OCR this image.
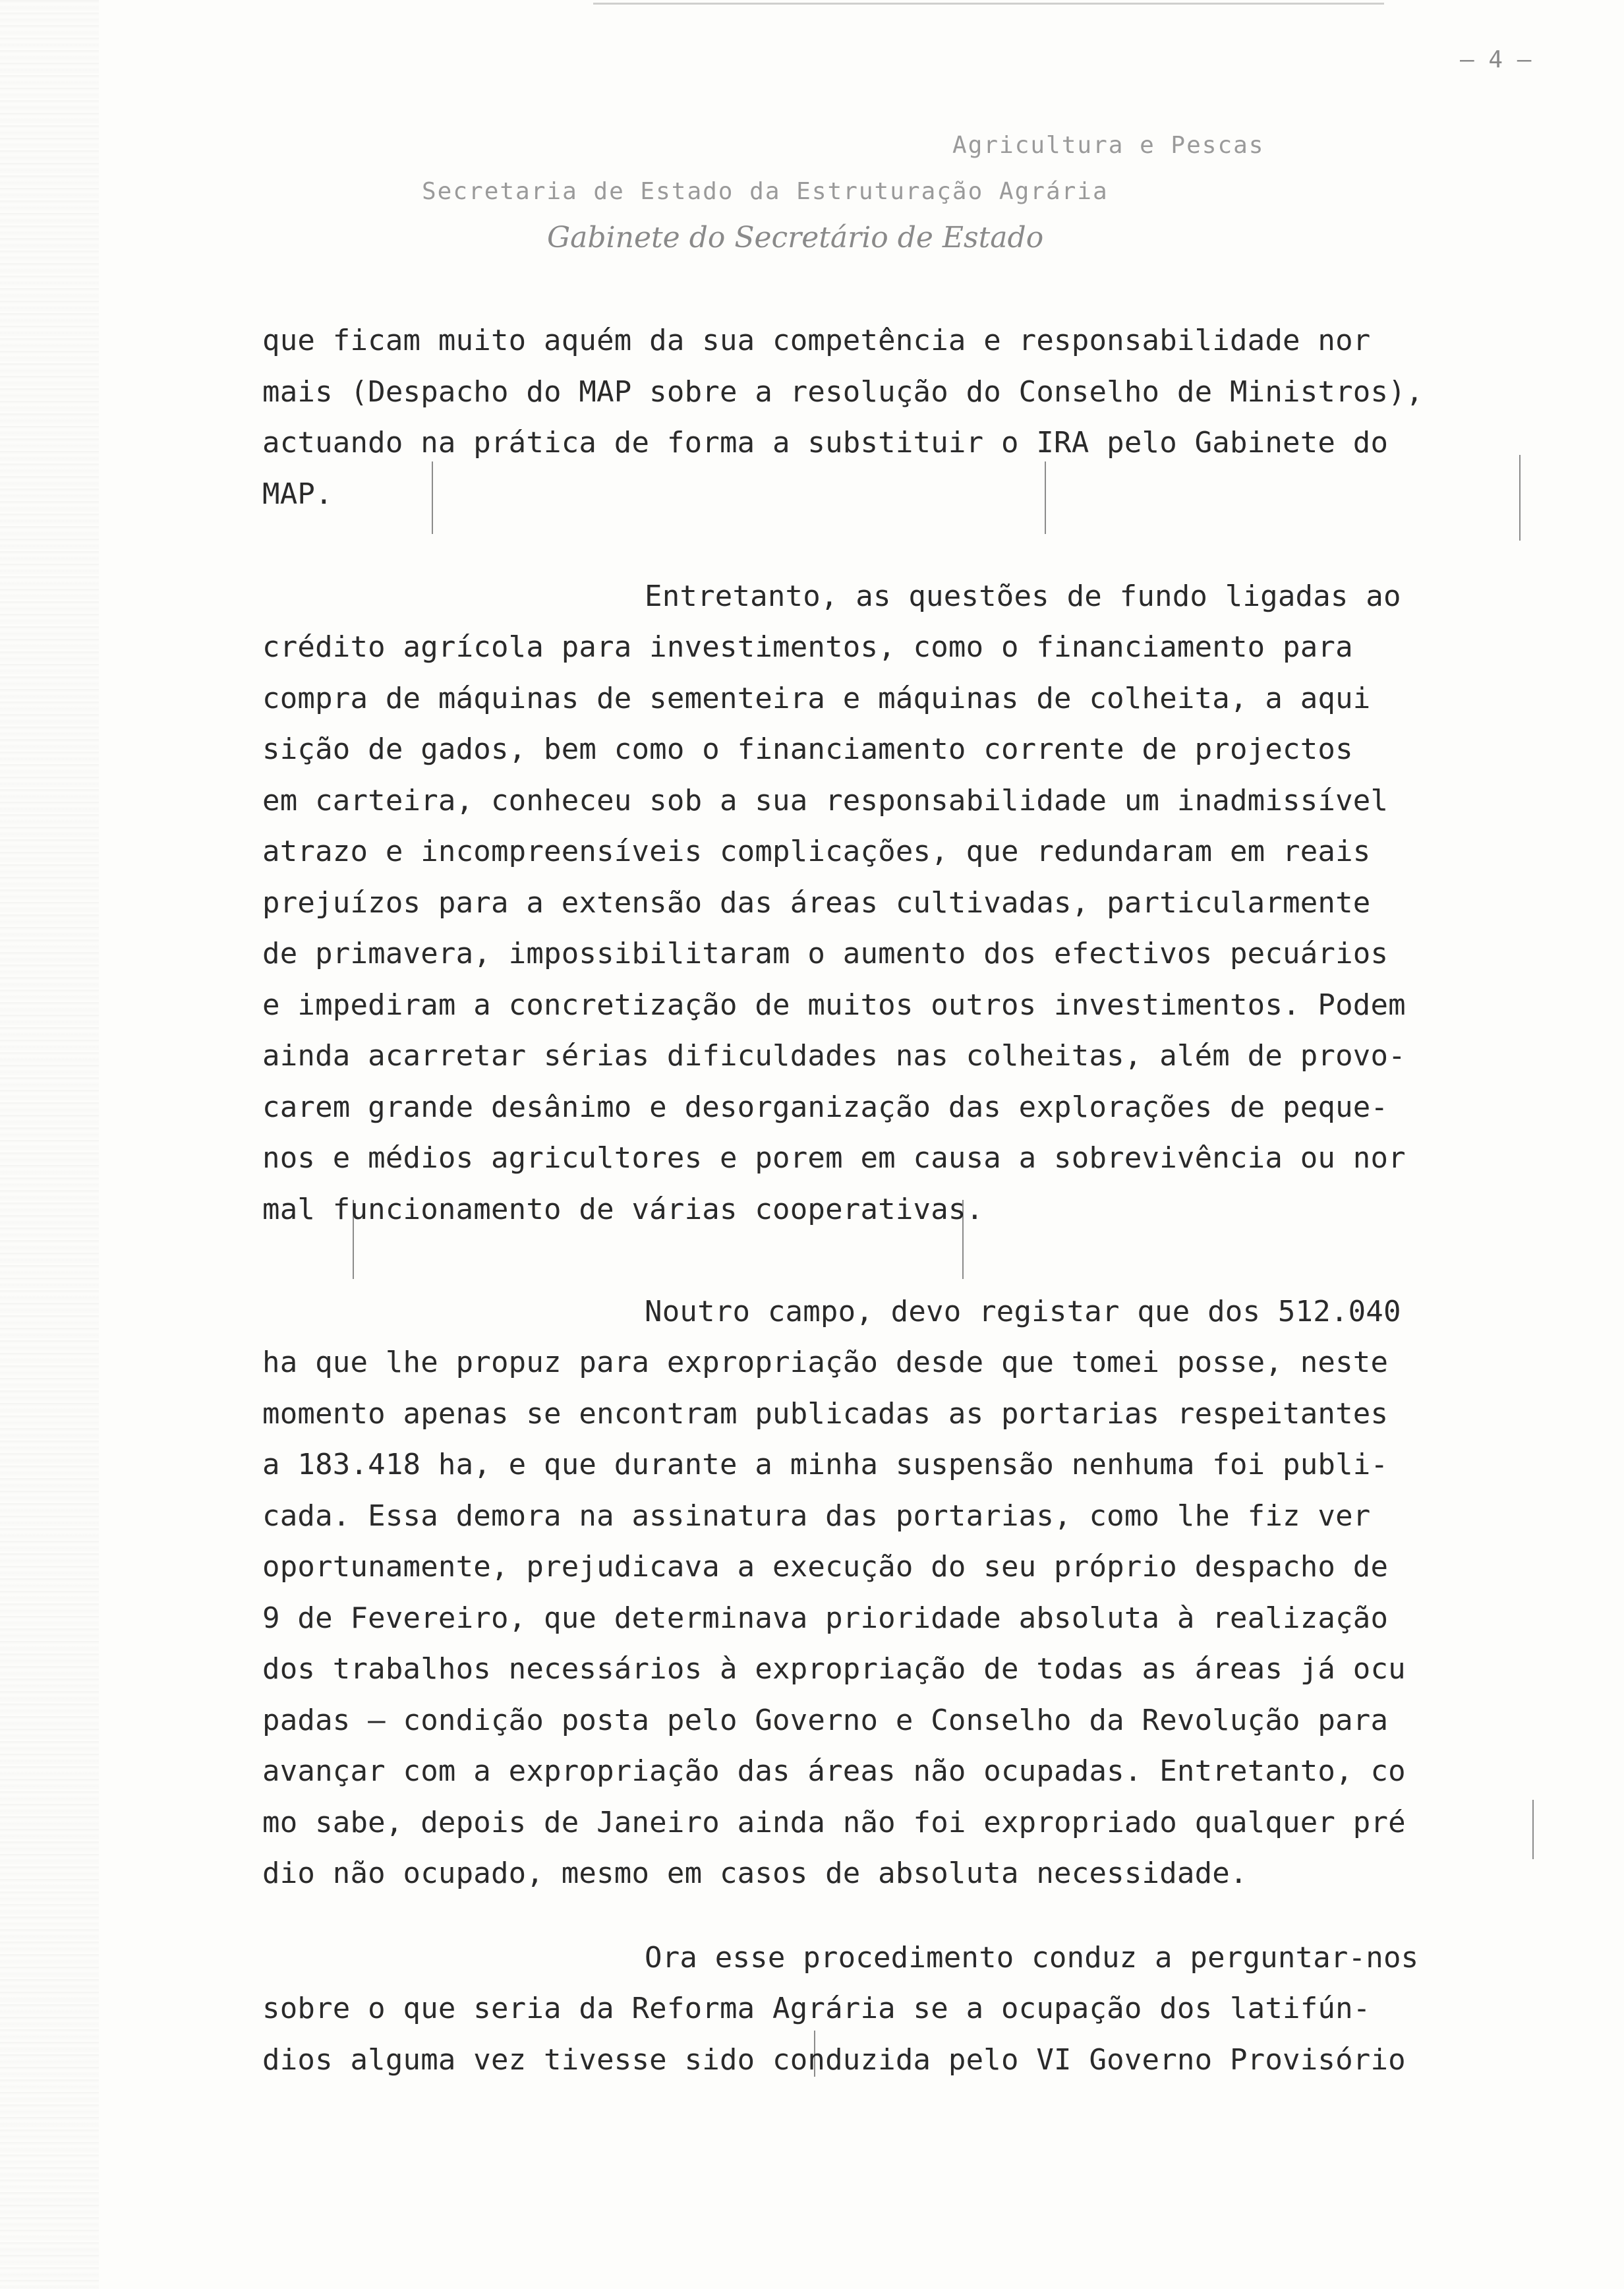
— 4 —
Agricultura e Pescas
Secretaria de Estado da Estruturação Agrária
Gabinete do Secretário de Estado
que ficam muito aquém da sua competência e responsabilidade nor
mais (Despacho do MAP sobre a resolução do Conselho de Ministros),
actuando na prática de forma a substituir o IRA pelo Gabinete do
MAP.
Entretanto, as questões de fundo ligadas ao
crédito agrícola para investimentos, como o financiamento para
compra de máquinas de sementeira e máquinas de colheita, a aqui
sição de gados, bem como o financiamento corrente de projectos
em carteira, conheceu sob a sua responsabilidade um inadmissível
atrazo e incompreensíveis complicações, que redundaram em reais
prejuízos para a extensão das áreas cultivadas, particularmente
de primavera, impossibilitaram o aumento dos efectivos pecuários
e impediram a concretização de muitos outros investimentos. Podem
ainda acarretar sérias dificuldades nas colheitas, além de provo-
carem grande desânimo e desorganização das explorações de peque-
nos e médios agricultores e porem em causa a sobrevivência ou nor
mal funcionamento de várias cooperativas.
Noutro campo, devo registar que dos 512.040
ha que lhe propuz para expropriação desde que tomei posse, neste
momento apenas se encontram publicadas as portarias respeitantes
a 183.418 ha, e que durante a minha suspensão nenhuma foi publi-
cada. Essa demora na assinatura das portarias, como lhe fiz ver
oportunamente, prejudicava a execução do seu próprio despacho de
9 de Fevereiro, que determinava prioridade absoluta à realização
dos trabalhos necessários à expropriação de todas as áreas já ocu
padas — condição posta pelo Governo e Conselho da Revolução para
avançar com a expropriação das áreas não ocupadas. Entretanto, co
mo sabe, depois de Janeiro ainda não foi expropriado qualquer pré
dio não ocupado, mesmo em casos de absoluta necessidade.
Ora esse procedimento conduz a perguntar-nos
sobre o que seria da Reforma Agrária se a ocupação dos latifún-
dios alguma vez tivesse sido conduzida pelo VI Governo Provisório
